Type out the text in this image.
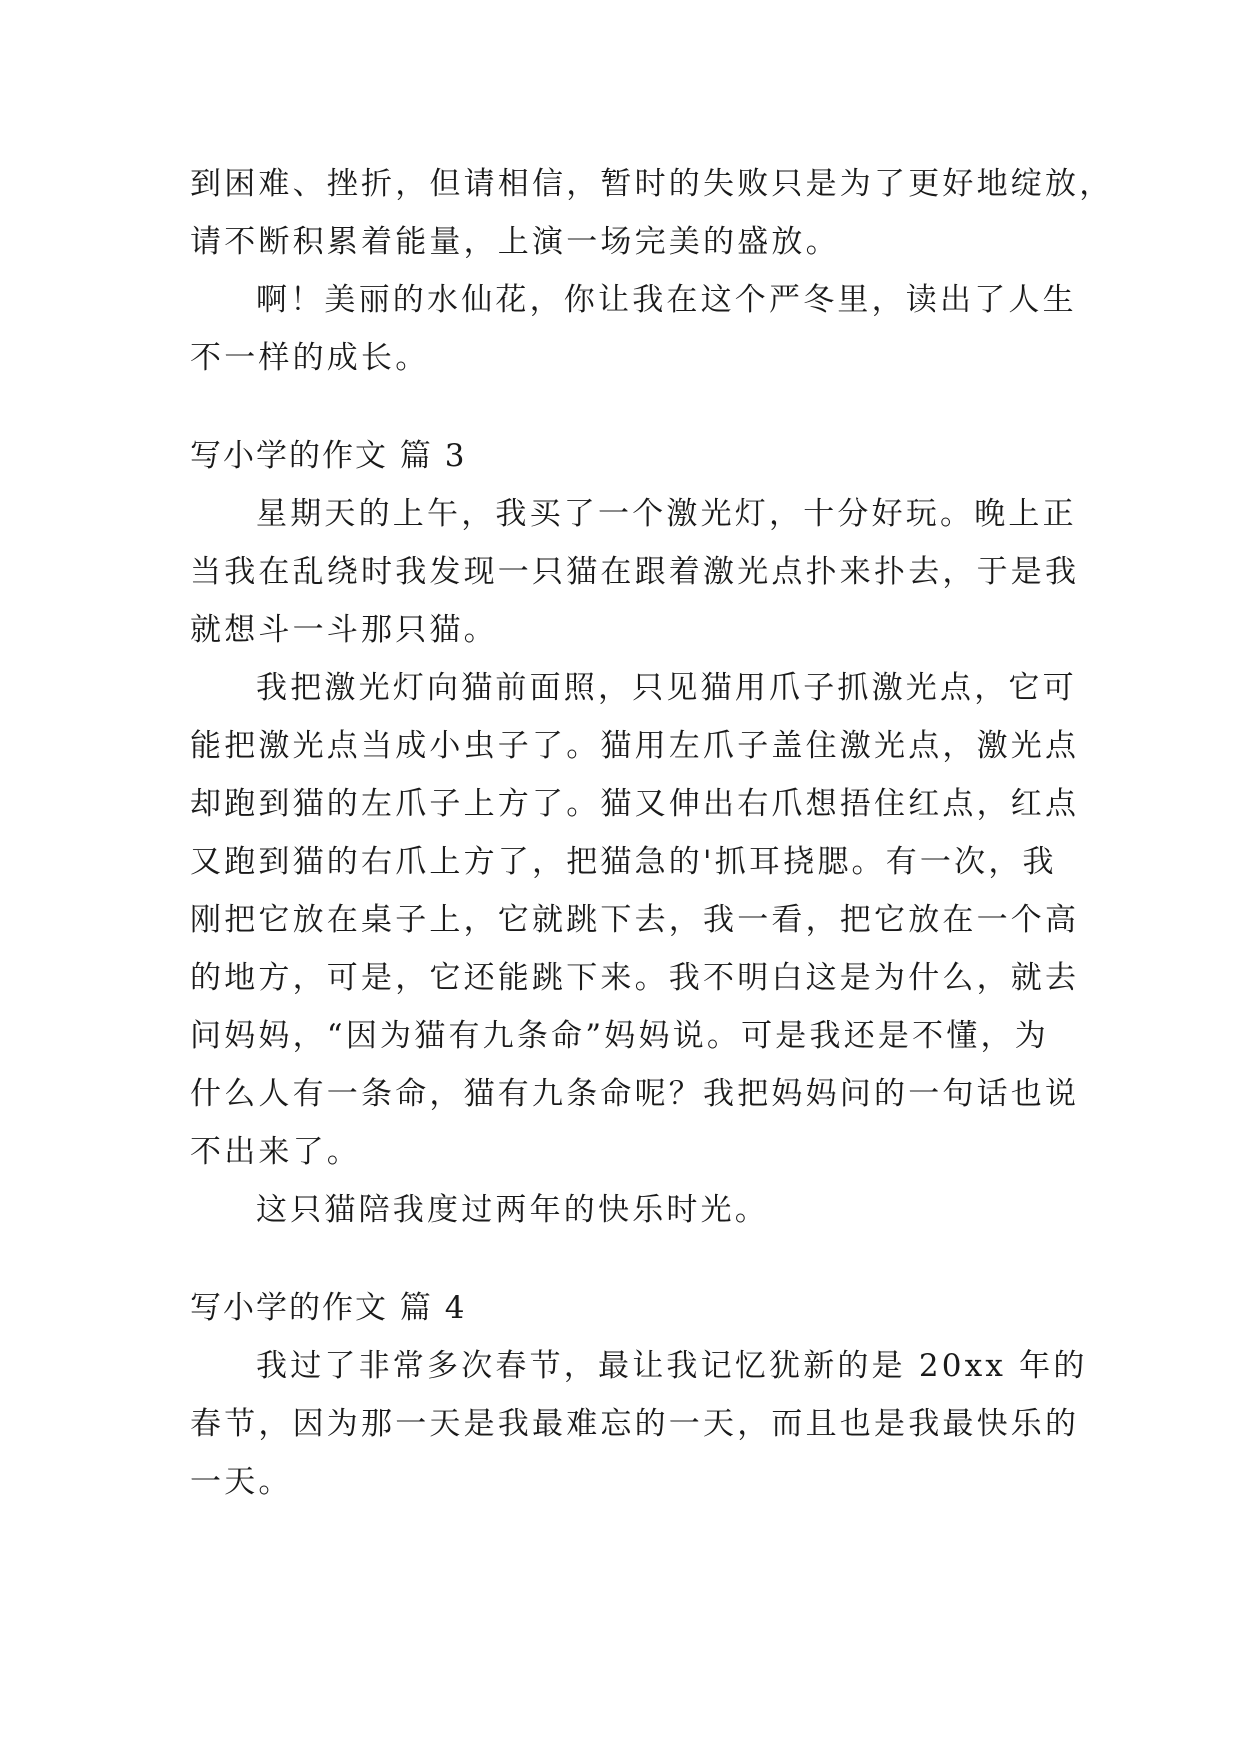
到困难、挫折，但请相信，暂时的失败只是为了更好地绽放，
请不断积累着能量，上演一场完美的盛放。
啊！美丽的水仙花，你让我在这个严冬里，读出了人生
不一样的成长。
写小学的作文 篇 3
星期天的上午，我买了一个激光灯，十分好玩。晚上正
当我在乱绕时我发现一只猫在跟着激光点扑来扑去，于是我
就想斗一斗那只猫。
我把激光灯向猫前面照，只见猫用爪子抓激光点，它可
能把激光点当成小虫子了。猫用左爪子盖住激光点，激光点
却跑到猫的左爪子上方了。猫又伸出右爪想捂住红点，红点
又跑到猫的右爪上方了，把猫急的'抓耳挠腮。有一次，我
刚把它放在桌子上，它就跳下去，我一看，把它放在一个高
的地方，可是，它还能跳下来。我不明白这是为什么，就去
问妈妈，“因为猫有九条命”妈妈说。可是我还是不懂，为
什么人有一条命，猫有九条命呢？我把妈妈问的一句话也说
不出来了。
这只猫陪我度过两年的快乐时光。
写小学的作文 篇 4
我过了非常多次春节，最让我记忆犹新的是 20xx 年的
春节，因为那一天是我最难忘的一天，而且也是我最快乐的
一天。
